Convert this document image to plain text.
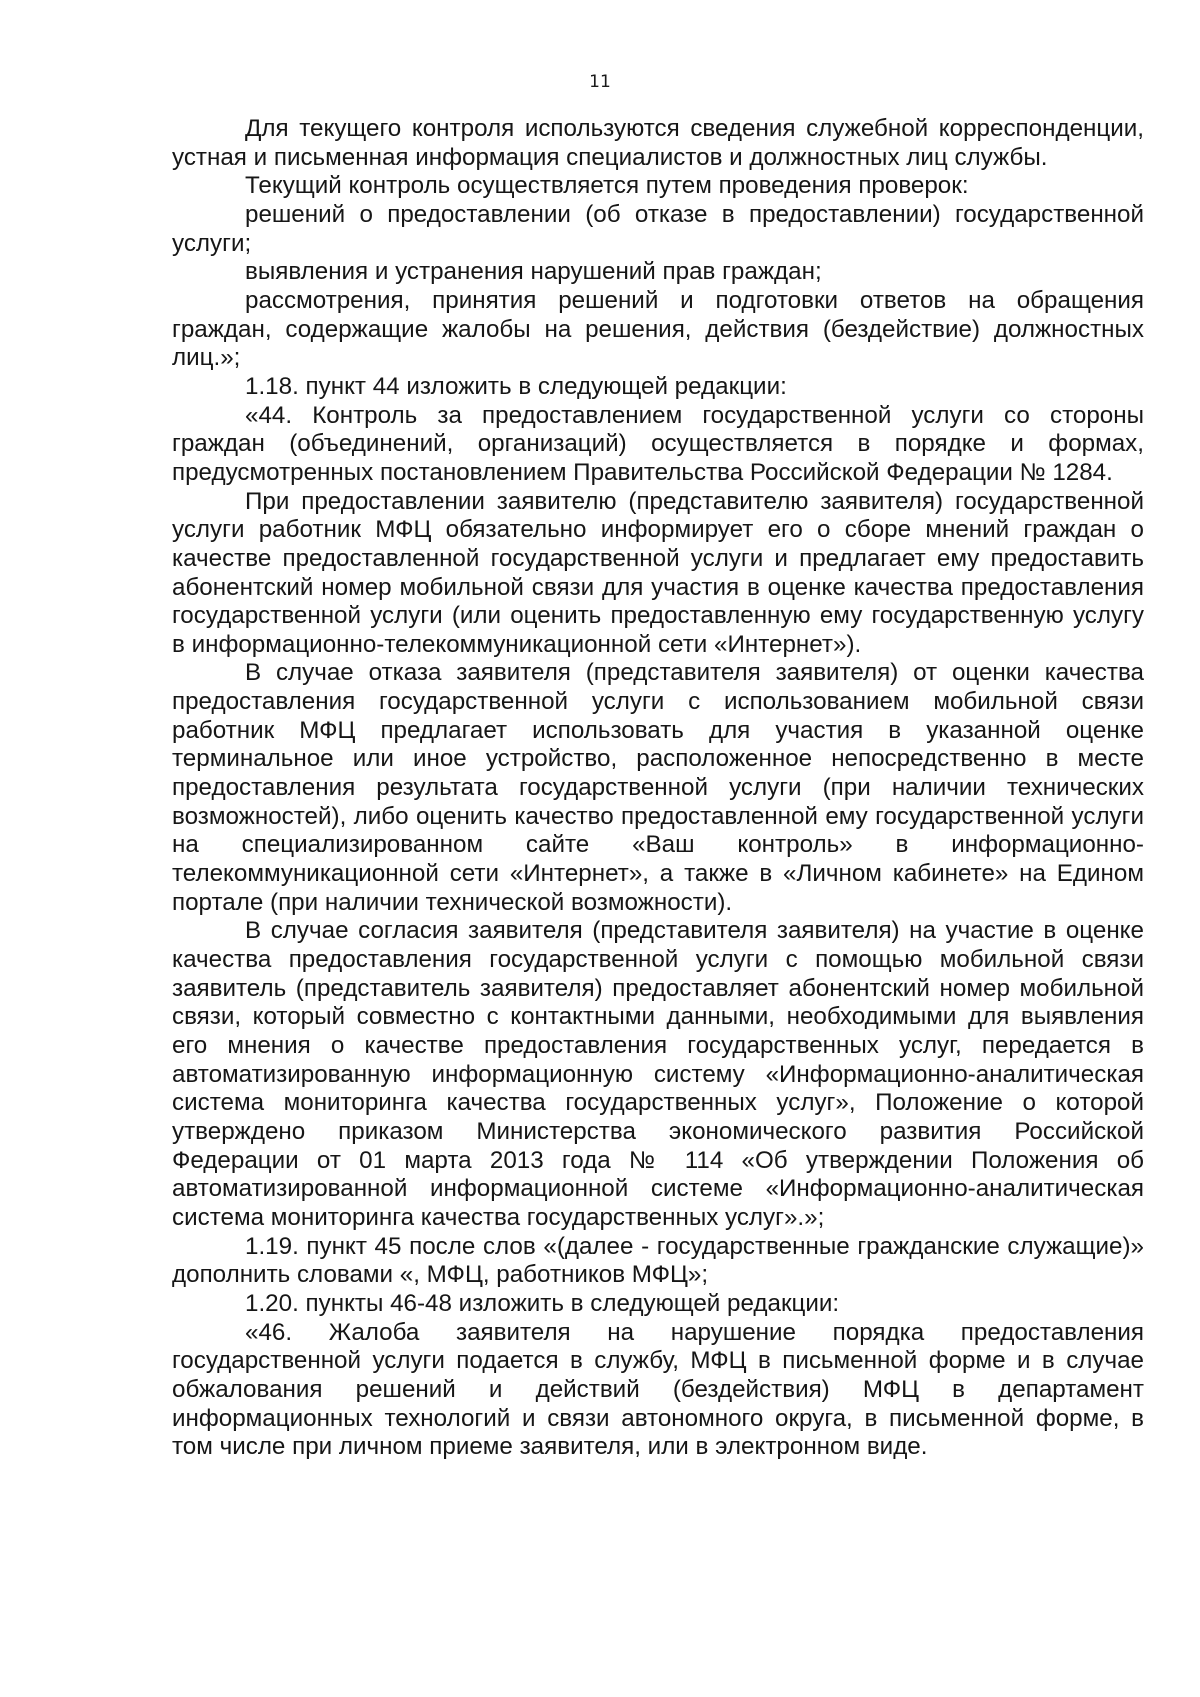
11

Для текущего контроля используются сведения служебной корреспонденции, устная и письменная информация специалистов и должностных лиц службы.

Текущий контроль осуществляется путем проведения проверок:

решений о предоставлении (об отказе в предоставлении) государственной услуги;

выявления и устранения нарушений прав граждан;

рассмотрения, принятия решений и подготовки ответов на обращения граждан, содержащие жалобы на решения, действия (бездействие) должностных лиц.»;

1.18. пункт 44 изложить в следующей редакции:

«44. Контроль за предоставлением государственной услуги со стороны граждан (объединений, организаций) осуществляется в порядке и формах, предусмотренных постановлением Правительства Российской Федерации № 1284.

При предоставлении заявителю (представителю заявителя) государственной услуги работник МФЦ обязательно информирует его о сборе мнений граждан о качестве предоставленной государственной услуги и предлагает ему предоставить абонентский номер мобильной связи для участия в оценке качества предоставления государственной услуги (или оценить предоставленную ему государственную услугу в информационно-телекоммуникационной сети «Интернет»).

В случае отказа заявителя (представителя заявителя) от оценки качества предоставления государственной услуги с использованием мобильной связи работник МФЦ предлагает использовать для участия в указанной оценке терминальное или иное устройство, расположенное непосредственно в месте предоставления результата государственной услуги (при наличии технических возможностей), либо оценить качество предоставленной ему государственной услуги на специализированном сайте «Ваш контроль» в информационно-телекоммуникационной сети «Интернет», а также в «Личном кабинете» на Едином портале (при наличии технической возможности).

В случае согласия заявителя (представителя заявителя) на участие в оценке качества предоставления государственной услуги с помощью мобильной связи заявитель (представитель заявителя) предоставляет абонентский номер мобильной связи, который совместно с контактными данными, необходимыми для выявления его мнения о качестве предоставления государственных услуг, передается в автоматизированную информационную систему «Информационно-аналитическая система мониторинга качества государственных услуг», Положение о которой утверждено приказом Министерства экономического развития Российской Федерации от 01 марта 2013 года № 114 «Об утверждении Положения об автоматизированной информационной системе «Информационно-аналитическая система мониторинга качества государственных услуг».»;

1.19. пункт 45 после слов «(далее - государственные гражданские служащие)» дополнить словами «, МФЦ, работников МФЦ»;

1.20. пункты 46-48 изложить в следующей редакции:

«46. Жалоба заявителя на нарушение порядка предоставления государственной услуги подается в службу, МФЦ в письменной форме и в случае обжалования решений и действий (бездействия) МФЦ в департамент информационных технологий и связи автономного округа, в письменной форме, в том числе при личном приеме заявителя, или в электронном виде.
